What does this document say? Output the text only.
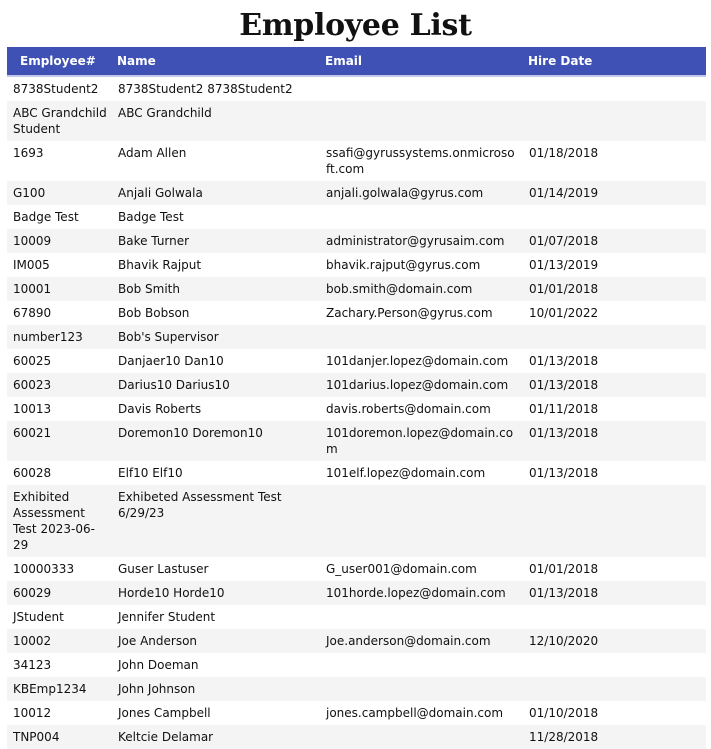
Employee List
Employee#	Name	Email	Hire Date
8738Student2	8738Student2 8738Student2		
ABC Grandchild Student	ABC Grandchild		
1693	Adam Allen	ssafi@gyrussystems.onmicrosoft.com	01/18/2018
G100	Anjali Golwala	anjali.golwala@gyrus.com	01/14/2019
Badge Test	Badge Test		
10009	Bake Turner	administrator@gyrusaim.com	01/07/2018
IM005	Bhavik Rajput	bhavik.rajput@gyrus.com	01/13/2019
10001	Bob Smith	bob.smith@domain.com	01/01/2018
67890	Bob Bobson	Zachary.Person@gyrus.com	10/01/2022
number123	Bob's Supervisor		
60025	Danjaer10 Dan10	101danjer.lopez@domain.com	01/13/2018
60023	Darius10 Darius10	101darius.lopez@domain.com	01/13/2018
10013	Davis Roberts	davis.roberts@domain.com	01/11/2018
60021	Doremon10 Doremon10	101doremon.lopez@domain.com	01/13/2018
60028	Elf10 Elf10	101elf.lopez@domain.com	01/13/2018
Exhibited Assessment Test 2023-06-29	Exhibeted Assessment Test 6/29/23		
10000333	Guser Lastuser	G_user001@domain.com	01/01/2018
60029	Horde10 Horde10	101horde.lopez@domain.com	01/13/2018
JStudent	Jennifer Student		
10002	Joe Anderson	Joe.anderson@domain.com	12/10/2020
34123	John Doeman		
KBEmp1234	John Johnson		
10012	Jones Campbell	jones.campbell@domain.com	01/10/2018
TNP004	Keltcie Delamar		11/28/2018
